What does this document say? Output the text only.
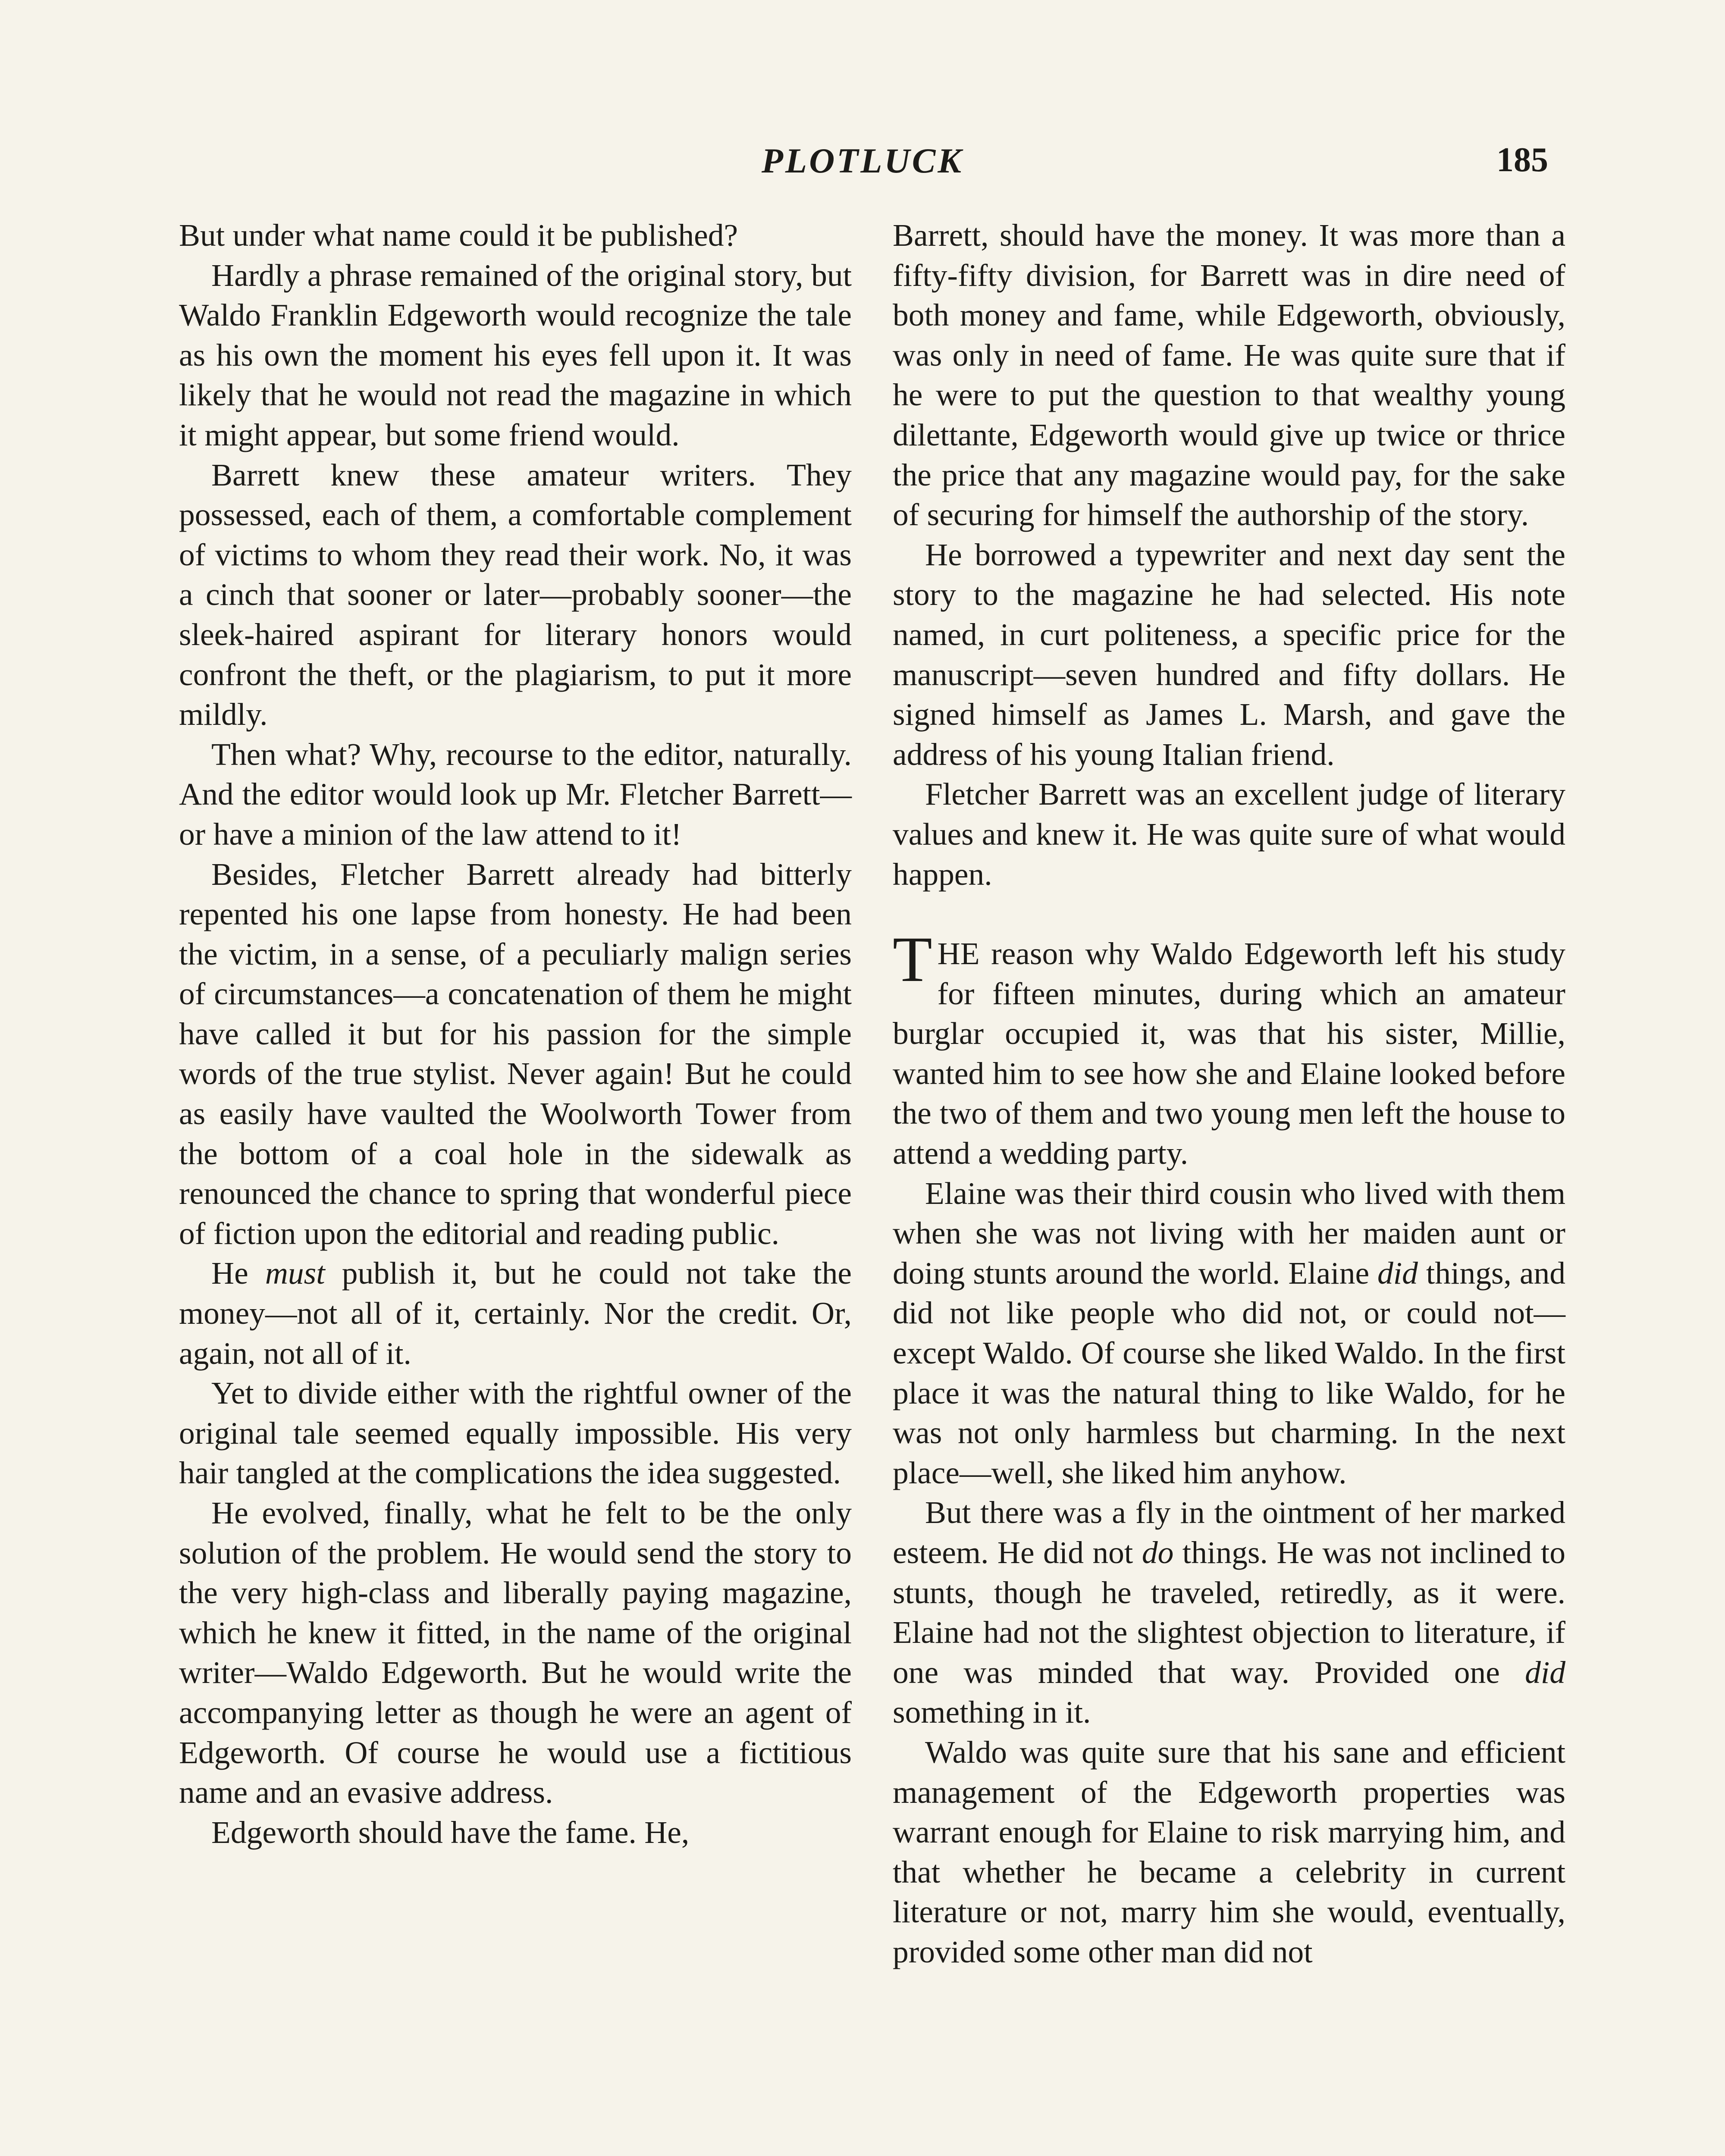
PLOTLUCK	185

But under what name could it be published?

Hardly a phrase remained of the original story, but Waldo Franklin Edgeworth would recognize the tale as his own the moment his eyes fell upon it. It was likely that he would not read the magazine in which it might appear, but some friend would.

Barrett knew these amateur writers. They possessed, each of them, a comfortable complement of victims to whom they read their work. No, it was a cinch that sooner or later—probably sooner—the sleek-haired aspirant for literary honors would confront the theft, or the plagiarism, to put it more mildly.

Then what? Why, recourse to the editor, naturally. And the editor would look up Mr. Fletcher Barrett—or have a minion of the law attend to it!

Besides, Fletcher Barrett already had bitterly repented his one lapse from honesty. He had been the victim, in a sense, of a peculiarly malign series of circumstances—a concatenation of them he might have called it but for his passion for the simple words of the true stylist. Never again! But he could as easily have vaulted the Woolworth Tower from the bottom of a coal hole in the sidewalk as renounced the chance to spring that wonderful piece of fiction upon the editorial and reading public.

He must publish it, but he could not take the money—not all of it, certainly. Nor the credit. Or, again, not all of it.

Yet to divide either with the rightful owner of the original tale seemed equally impossible. His very hair tangled at the complications the idea suggested.

He evolved, finally, what he felt to be the only solution of the problem. He would send the story to the very high-class and liberally paying magazine, which he knew it fitted, in the name of the original writer—Waldo Edgeworth. But he would write the accompanying letter as though he were an agent of Edgeworth. Of course he would use a fictitious name and an evasive address.

Edgeworth should have the fame. He,

Barrett, should have the money. It was more than a fifty-fifty division, for Barrett was in dire need of both money and fame, while Edgeworth, obviously, was only in need of fame. He was quite sure that if he were to put the question to that wealthy young dilettante, Edgeworth would give up twice or thrice the price that any magazine would pay, for the sake of securing for himself the authorship of the story.

He borrowed a typewriter and next day sent the story to the magazine he had selected. His note named, in curt politeness, a specific price for the manuscript—seven hundred and fifty dollars. He signed himself as James L. Marsh, and gave the address of his young Italian friend.

Fletcher Barrett was an excellent judge of literary values and knew it. He was quite sure of what would happen.

THE reason why Waldo Edgeworth left his study for fifteen minutes, during which an amateur burglar occupied it, was that his sister, Millie, wanted him to see how she and Elaine looked before the two of them and two young men left the house to attend a wedding party.

Elaine was their third cousin who lived with them when she was not living with her maiden aunt or doing stunts around the world. Elaine did things, and did not like people who did not, or could not—except Waldo. Of course she liked Waldo. In the first place it was the natural thing to like Waldo, for he was not only harmless but charming. In the next place—well, she liked him anyhow.

But there was a fly in the ointment of her marked esteem. He did not do things. He was not inclined to stunts, though he traveled, retiredly, as it were. Elaine had not the slightest objection to literature, if one was minded that way. Provided one did something in it.

Waldo was quite sure that his sane and efficient management of the Edgeworth properties was warrant enough for Elaine to risk marrying him, and that whether he became a celebrity in current literature or not, marry him she would, eventually, provided some other man did not
